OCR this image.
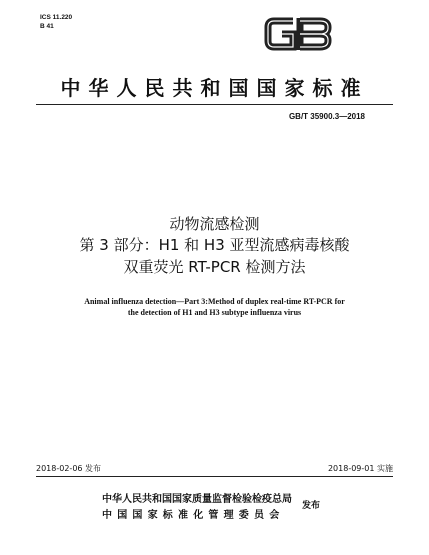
ICS 11.220
B 41
中华人民共和国国家标准
GB/T 35900.3—2018
动物流感检测
第 3 部分：H1 和 H3 亚型流感病毒核酸
双重荧光 RT-PCR 检测方法
Animal influenza detection—Part 3:Method of duplex real-time RT-PCR for
the detection of H1 and H3 subtype influenza virus
2018-02-06 发布	2018-09-01 实施
中华人民共和国国家质量监督检验检疫总局
中国国家标准化管理委员会
发布
